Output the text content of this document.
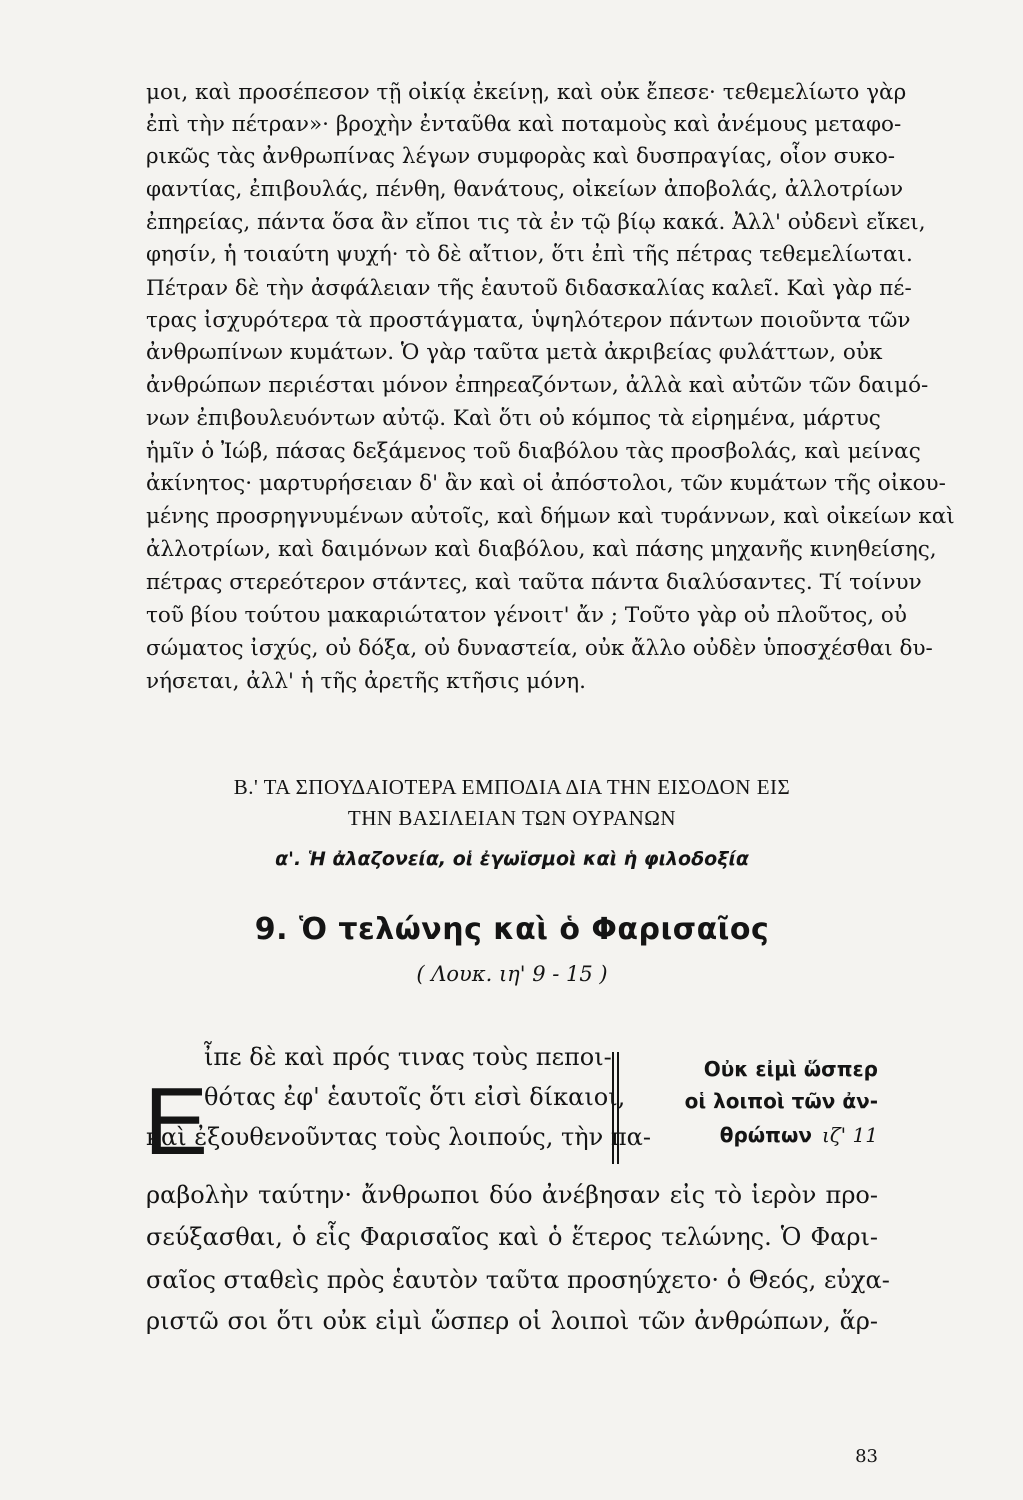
μοι, καὶ προσέπεσον τῇ οἰκίᾳ ἐκείνῃ, καὶ οὐκ ἔπεσε· τεθεμελίωτο γὰρ
ἐπὶ τὴν πέτραν»· βροχὴν ἐνταῦθα καὶ ποταμοὺς καὶ ἀνέμους μεταφο-
ρικῶς τὰς ἀνθρωπίνας λέγων συμφορὰς καὶ δυσπραγίας, οἷον συκο-
φαντίας, ἐπιβουλάς, πένθη, θανάτους, οἰκείων ἀποβολάς, ἀλλοτρίων
ἐπηρείας, πάντα ὅσα ἂν εἴποι τις τὰ ἐν τῷ βίῳ κακά. Ἀλλ' οὐδενὶ εἴκει,
φησίν, ἡ τοιαύτη ψυχή· τὸ δὲ αἴτιον, ὅτι ἐπὶ τῆς πέτρας τεθεμελίωται.
Πέτραν δὲ τὴν ἀσφάλειαν τῆς ἑαυτοῦ διδασκαλίας καλεῖ. Καὶ γὰρ πέ-
τρας ἰσχυρότερα τὰ προστάγματα, ὑψηλότερον πάντων ποιοῦντα τῶν
ἀνθρωπίνων κυμάτων. Ὁ γὰρ ταῦτα μετὰ ἀκριβείας φυλάττων, οὐκ
ἀνθρώπων περιέσται μόνον ἐπηρεαζόντων, ἀλλὰ καὶ αὐτῶν τῶν δαιμό-
νων ἐπιβουλευόντων αὐτῷ. Καὶ ὅτι οὐ κόμπος τὰ εἰρημένα, μάρτυς
ἡμῖν ὁ Ἰώβ, πάσας δεξάμενος τοῦ διαβόλου τὰς προσβολάς, καὶ μείνας
ἀκίνητος· μαρτυρήσειαν δ' ἂν καὶ οἱ ἀπόστολοι, τῶν κυμάτων τῆς οἰκου-
μένης προσρηγνυμένων αὐτοῖς, καὶ δήμων καὶ τυράννων, καὶ οἰκείων καὶ
ἀλλοτρίων, καὶ δαιμόνων καὶ διαβόλου, καὶ πάσης μηχανῆς κινηθείσης,
πέτρας στερεότερον στάντες, καὶ ταῦτα πάντα διαλύσαντες. Τί τοίνυν
τοῦ βίου τούτου μακαριώτατον γένοιτ' ἄν ; Τοῦτο γὰρ οὐ πλοῦτος, οὐ
σώματος ἰσχύς, οὐ δόξα, οὐ δυναστεία, οὐκ ἄλλο οὐδὲν ὑποσχέσθαι δυ-
νήσεται, ἀλλ' ἡ τῆς ἀρετῆς κτῆσις μόνη.
Β.' ΤΑ ΣΠΟΥΔΑΙΟΤΕΡΑ ΕΜΠΟΔΙΑ ΔΙΑ ΤΗΝ ΕΙΣΟΔΟΝ ΕΙΣ
ΤΗΝ ΒΑΣΙΛΕΙΑΝ ΤΩΝ ΟΥΡΑΝΩΝ
α'. Ἡ ἀλαζονεία, οἱ ἐγωϊσμοὶ καὶ ἡ φιλοδοξία
9. Ὁ τελώνης καὶ ὁ Φαρισαῖος
( Λουκ. ιη' 9 - 15 )
Ε
ἶπε δὲ καὶ πρός τινας τοὺς πεποι-
θότας ἐφ' ἑαυτοῖς ὅτι εἰσὶ δίκαιοι,
καὶ ἐξουθενοῦντας τοὺς λοιπούς, τὴν πα-
Οὐκ εἰμὶ ὥσπερ
οἱ λοιποὶ τῶν ἀν-
θρώπων ιζ' 11
ραβολὴν ταύτην· ἄνθρωποι δύο ἀνέβησαν εἰς τὸ ἱερὸν προ-
σεύξασθαι, ὁ εἷς Φαρισαῖος καὶ ὁ ἕτερος τελώνης. Ὁ Φαρι-
σαῖος σταθεὶς πρὸς ἑαυτὸν ταῦτα προσηύχετο· ὁ Θεός, εὐχα-
ριστῶ σοι ὅτι οὐκ εἰμὶ ὥσπερ οἱ λοιποὶ τῶν ἀνθρώπων, ἅρ-
83
